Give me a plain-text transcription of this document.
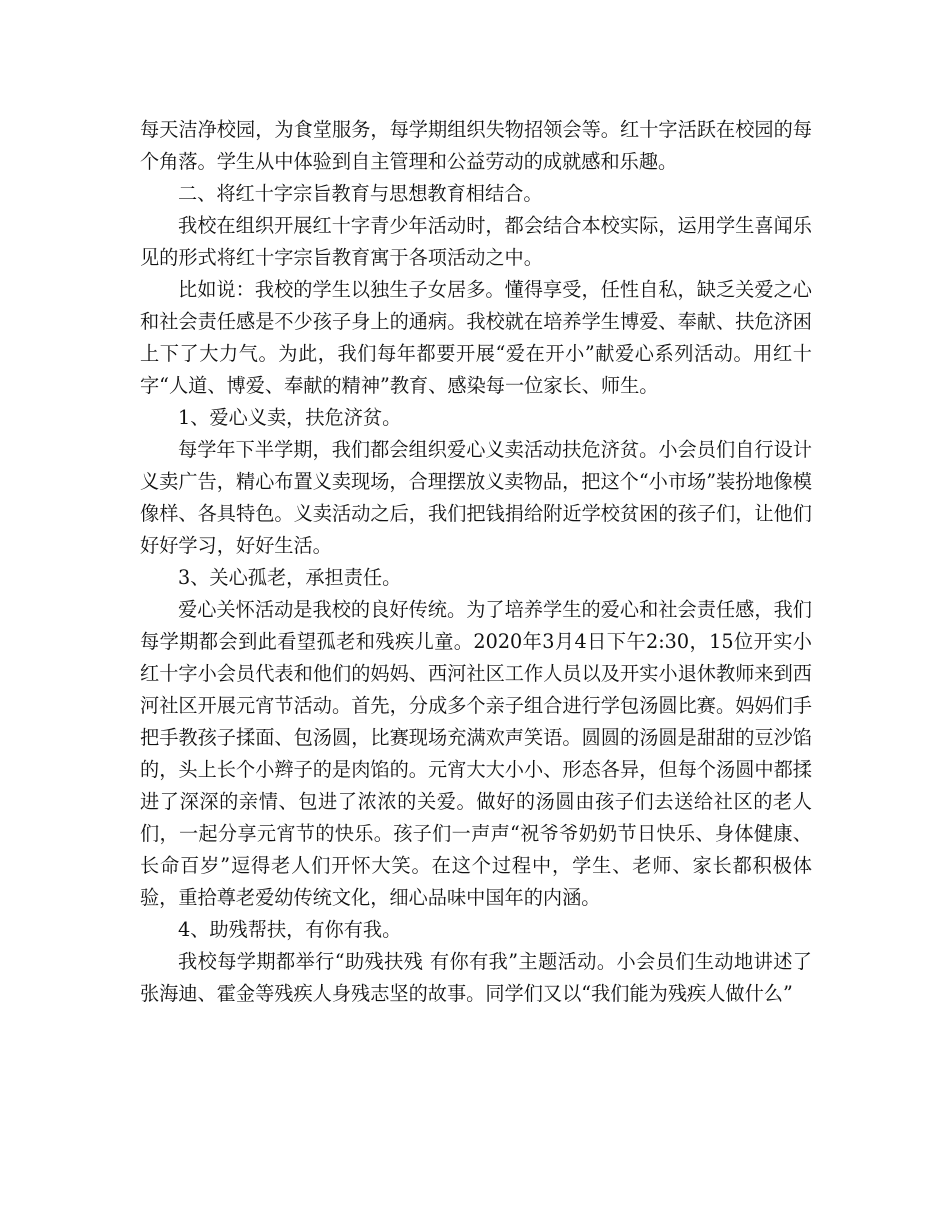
每天洁净校园，为食堂服务，每学期组织失物招领会等。红十字活跃在校园的每个角落。学生从中体验到自主管理和公益劳动的成就感和乐趣。

二、将红十字宗旨教育与思想教育相结合。

我校在组织开展红十字青少年活动时，都会结合本校实际，运用学生喜闻乐见的形式将红十字宗旨教育寓于各项活动之中。

比如说：我校的学生以独生子女居多。懂得享受，任性自私，缺乏关爱之心和社会责任感是不少孩子身上的通病。我校就在培养学生博爱、奉献、扶危济困上下了大力气。为此，我们每年都要开展“爱在开小”献爱心系列活动。用红十字“人道、博爱、奉献的精神”教育、感染每一位家长、师生。

1、爱心义卖，扶危济贫。

每学年下半学期，我们都会组织爱心义卖活动扶危济贫。小会员们自行设计义卖广告，精心布置义卖现场，合理摆放义卖物品，把这个“小市场”装扮地像模像样、各具特色。义卖活动之后，我们把钱捐给附近学校贫困的孩子们，让他们好好学习，好好生活。

3、关心孤老，承担责任。

爱心关怀活动是我校的良好传统。为了培养学生的爱心和社会责任感，我们每学期都会到此看望孤老和残疾儿童。2020年3月4日下午2:30，15位开实小红十字小会员代表和他们的妈妈、西河社区工作人员以及开实小退休教师来到西河社区开展元宵节活动。首先，分成多个亲子组合进行学包汤圆比赛。妈妈们手把手教孩子揉面、包汤圆，比赛现场充满欢声笑语。圆圆的汤圆是甜甜的豆沙馅的，头上长个小辫子的是肉馅的。元宵大大小小、形态各异，但每个汤圆中都揉进了深深的亲情、包进了浓浓的关爱。做好的汤圆由孩子们去送给社区的老人们，一起分享元宵节的快乐。孩子们一声声“祝爷爷奶奶节日快乐、身体健康、长命百岁”逗得老人们开怀大笑。在这个过程中，学生、老师、家长都积极体验，重拾尊老爱幼传统文化，细心品味中国年的内涵。

4、助残帮扶，有你有我。

我校每学期都举行“助残扶残 有你有我”主题活动。小会员们生动地讲述了张海迪、霍金等残疾人身残志坚的故事。同学们又以“我们能为残疾人做什么”
